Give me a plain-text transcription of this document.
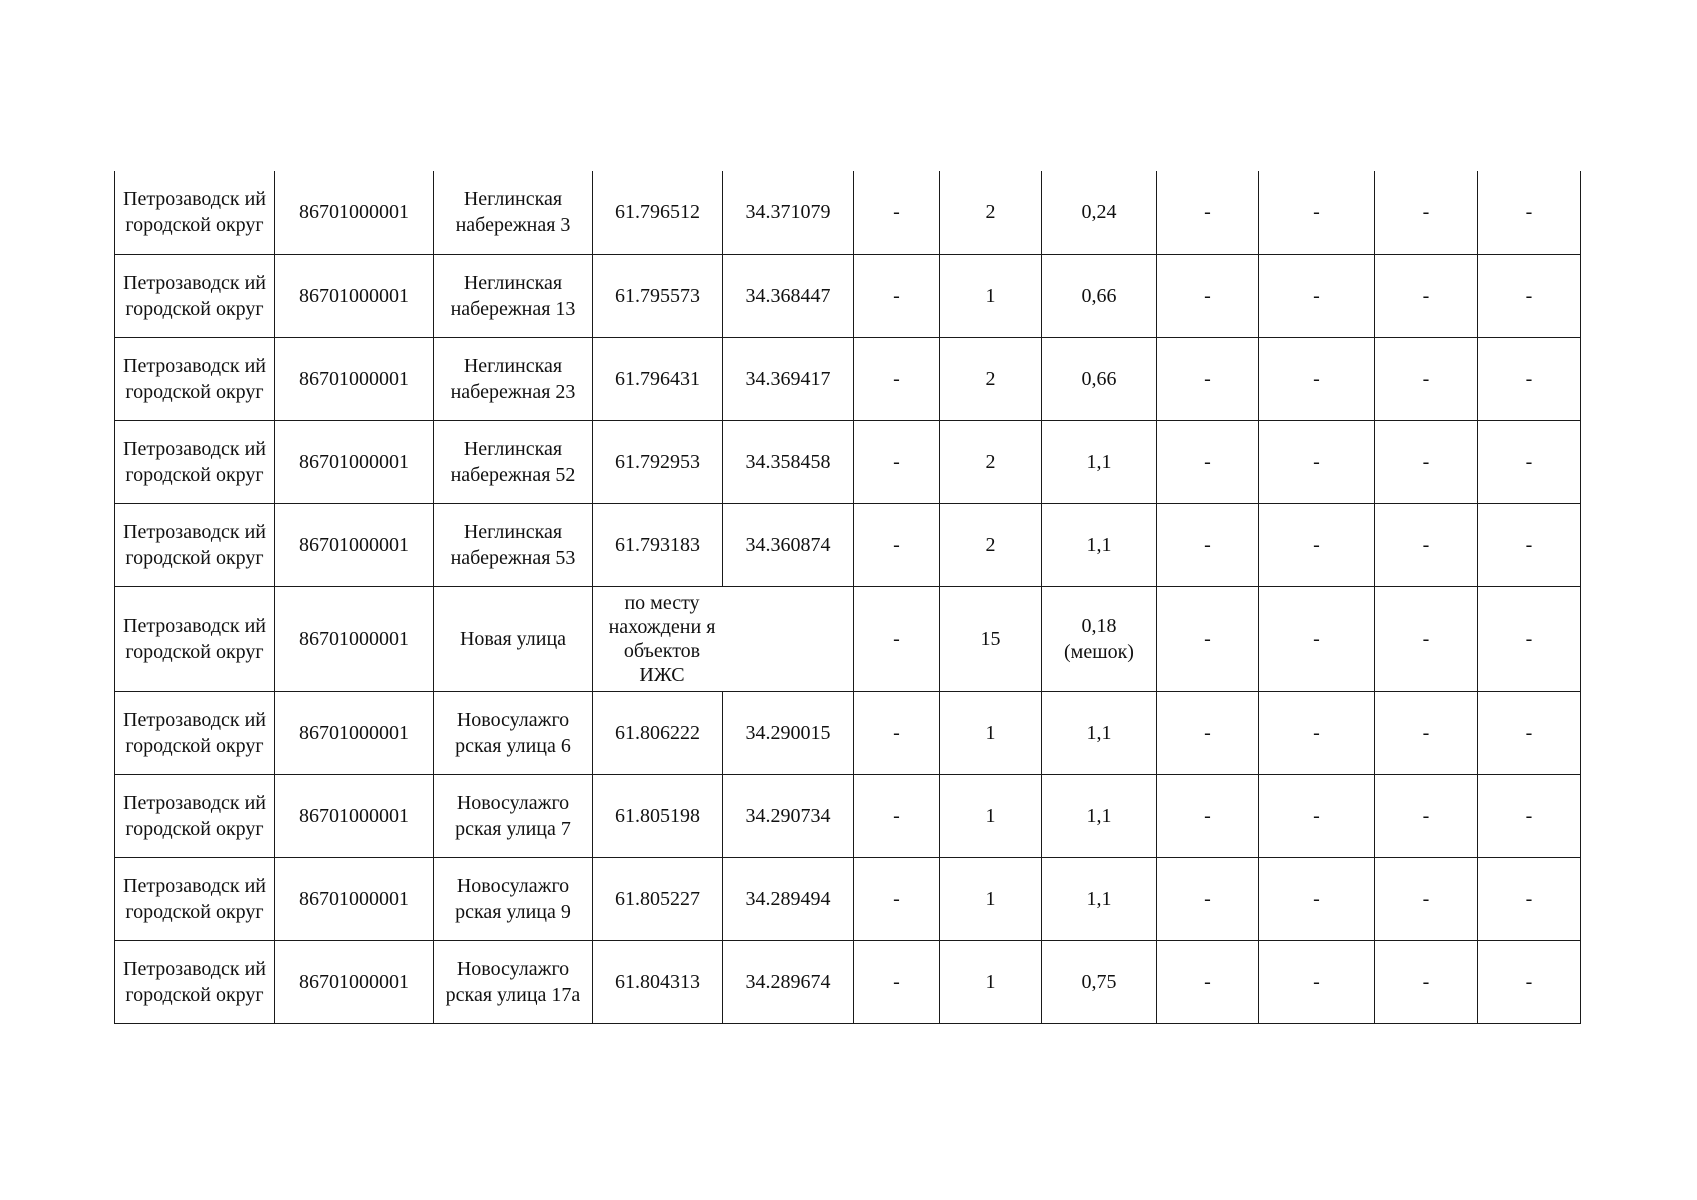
Петрозаводск ий городской округ	86701000001	Неглинская набережная 3	61.796512	34.371079	-	2	0,24	-	-	-	-
Петрозаводск ий городской округ	86701000001	Неглинская набережная 13	61.795573	34.368447	-	1	0,66	-	-	-	-
Петрозаводск ий городской округ	86701000001	Неглинская набережная 23	61.796431	34.369417	-	2	0,66	-	-	-	-
Петрозаводск ий городской округ	86701000001	Неглинская набережная 52	61.792953	34.358458	-	2	1,1	-	-	-	-
Петрозаводск ий городской округ	86701000001	Неглинская набережная 53	61.793183	34.360874	-	2	1,1	-	-	-	-
Петрозаводск ий городской округ	86701000001	Новая улица	по месту нахождени я объектов ИЖС		-	15	0,18 (мешок)	-	-	-	-
Петрозаводск ий городской округ	86701000001	Новосулажго рская улица 6	61.806222	34.290015	-	1	1,1	-	-	-	-
Петрозаводск ий городской округ	86701000001	Новосулажго рская улица 7	61.805198	34.290734	-	1	1,1	-	-	-	-
Петрозаводск ий городской округ	86701000001	Новосулажго рская улица 9	61.805227	34.289494	-	1	1,1	-	-	-	-
Петрозаводск ий городской округ	86701000001	Новосулажго рская улица 17а	61.804313	34.289674	-	1	0,75	-	-	-	-
